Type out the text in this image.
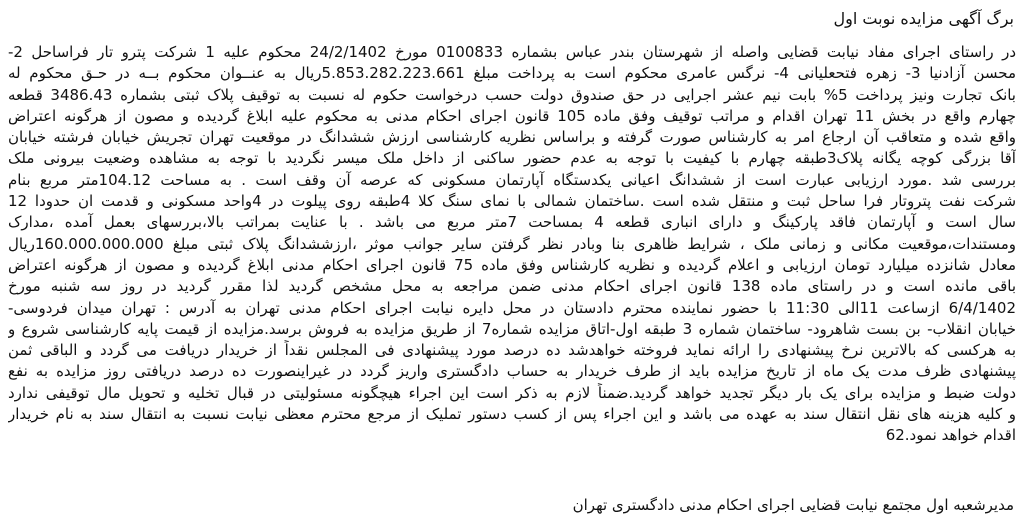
برگ آگهی مزایده نوبت اول
در راستای اجرای مفاد نیابت قضایی واصله از شهرستان بندر عباس بشماره 0100833 مورخ 24/2/1402 محکوم علیه 1 شرکت پترو تار فراساحل 2-
محسن آزادنیا 3- زهره فتحعلیانی 4- نرگس عامری محکوم است به پرداخت مبلغ 5.853.282.223.661ریال به عنــوان محکوم بــه در حـق محکوم له
بانک تجارت ونیز پرداخت 5% بابت نیم عشر اجرایی در حق صندوق دولت حسب درخواست حکوم له نسبت به توقیف پلاک ثبتی بشماره 3486.43 قطعه
چهارم واقع در بخش 11 تهران اقدام و مراتب توقیف وفق ماده 105 قانون اجرای احکام مدنی به محکوم علیه ابلاغ گردیده و مصون از هرگونه اعتراض
واقع شده و متعاقب آن ارجاع امر به کارشناس صورت گرفته و براساس نظریه کارشناسی ارزش ششدانگ در موقعیت تهران تجریش خیابان فرشته خیابان
آقا بزرگی کوچه یگانه پلاک3طبقه چهارم با کیفیت با توجه به عدم حضور ساکنی از داخل ملک میسر نگردید با توجه به مشاهده وضعیت بیرونی ملک
بررسی شد .مورد ارزیابی عبارت است از ششدانگ اعیانی یکدستگاه آپارتمان مسکونی که عرصه آن وقف است . به مساحت 104.12متر مربع بنام
شرکت نفت پتروتار فرا ساحل ثبت و منتقل شده است .ساختمان شمالی با نمای سنگ کلا 4طبقه روی پیلوت در 4واحد مسکونی و قدمت ان حدودا 12
سال است و آپارتمان فاقد پارکینگ و دارای انباری قطعه 4 بمساحت 7متر مربع می باشد . با عنایت بمراتب بالا،بررسهای بعمل آمده ،مدارک
ومستندات،موقعیت مکانی و زمانی ملک ، شرایط ظاهری بنا وبادر نظر گرفتن سایر جوانب موثر ،ارزششدانگ پلاک ثبتی مبلغ 160.000.000.000ریال
معادل شانزده میلیارد تومان ارزیابی و اعلام گردیده و نظریه کارشناس وفق ماده 75 قانون اجرای احکام مدنی ابلاغ گردیده و مصون از هرگونه اعتراض
باقی مانده است و در راستای ماده 138 قانون اجرای احکام مدنی ضمن مراجعه به محل مشخص گردید لذا مقرر گردید در روز سه شنبه مورخ
6/4/1402 ازساعت 11الی 11:30 با حضور نماینده محترم دادستان در محل دایره نیابت اجرای احکام مدنی تهران به آدرس : تهران میدان فردوسی-
خیابان انقلاب- بن بست شاهرود- ساختمان شماره 3 طبقه اول-اتاق مزایده شماره7 از طریق مزایده به فروش برسد.مزایده از قیمت پایه کارشناسی شروع و
به هرکسی که بالاترین نرخ پیشنهادی را ارائه نماید فروخته خواهدشد ده درصد مورد پیشنهادی فی المجلس نقداً از خریدار دریافت می گردد و الباقی ثمن
پیشنهادی ظرف مدت یک ماه از تاریخ مزایده باید از طرف خریدار به حساب دادگستری واریز گردد در غیراینصورت ده درصد دریافتی روز مزایده به نفع
دولت ضبط و مزایده برای یک بار دیگر تجدید خواهد گردید.ضمناً لازم به ذکر است این اجراء هیچگونه مسئولیتی در قبال تخلیه و تحویل مال توقیفی ندارد
و کلیه هزینه های نقل انتقال سند به عهده می باشد و این اجراء پس از کسب دستور تملیک از مرجع محترم معظی نیابت نسبت به انتقال سند به نام خریدار
اقدام خواهد نمود.62
مدیرشعبه اول مجتمع نیابت قضایی اجرای احکام مدنی دادگستری تهران
